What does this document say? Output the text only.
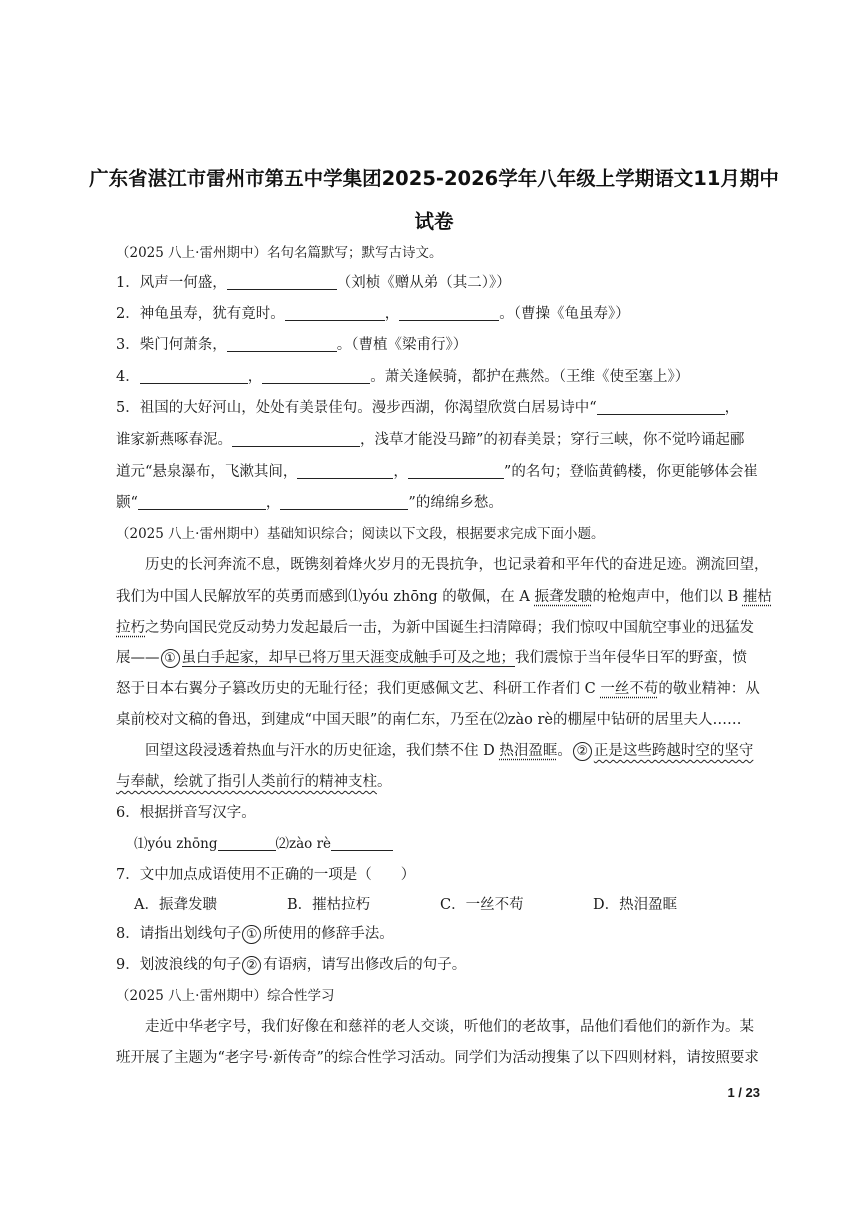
广东省湛江市雷州市第五中学集团2025-2026学年八年级上学期语文11月期中
试卷
（2025 八上·雷州期中）名句名篇默写；默写古诗文。
1．风声一何盛，	（刘桢《赠从弟（其二）》）
2．神龟虽寿，犹有竟时。	，	。（曹操《龟虽寿》）
3．柴门何萧条，	。（曹植《梁甫行》）
4．	，	。萧关逢候骑，都护在燕然。（王维《使至塞上》）
5．祖国的大好河山，处处有美景佳句。漫步西湖，你渴望欣赏白居易诗中“	，
谁家新燕啄春泥。	，浅草才能没马蹄”的初春美景；穿行三峡，你不觉吟诵起郦
道元“悬泉瀑布，飞漱其间，	，	”的名句；登临黄鹤楼，你更能够体会崔
颢“	，	”的绵绵乡愁。
（2025 八上·雷州期中）基础知识综合；阅读以下文段，根据要求完成下面小题。
历史的长河奔流不息，既镌刻着烽火岁月的无畏抗争，也记录着和平年代的奋进足迹。溯流回望，
我们为中国人民解放军的英勇而感到⑴yóu zhōng 的敬佩，在 A 振聋发聩的枪炮声中，他们以 B 摧枯
拉朽之势向国民党反动势力发起最后一击，为新中国诞生扫清障碍；我们惊叹中国航空事业的迅猛发
展—— ① 虽白手起家，却早已将万里天涯变成触手可及之地；我们震惊于当年侵华日军的野蛮，愤
怒于日本右翼分子篡改历史的无耻行径；我们更感佩文艺、科研工作者们 C 一丝不苟的敬业精神：从
桌前校对文稿的鲁迅，到建成“中国天眼”的南仁东，乃至在⑵zào rè的棚屋中钻研的居里夫人……
回望这段浸透着热血与汗水的历史征途，我们禁不住 D 热泪盈眶。 ② 正是这些跨越时空的坚守
与奉献，绘就了指引人类前行的精神支柱。
6．根据拼音写汉字。
⑴yóu zhōng	⑵zào rè
7．文中加点成语使用不正确的一项是（　　）
A．振聋发聩	B．摧枯拉朽	C．一丝不苟	D．热泪盈眶
8．请指出划线句子 ① 所使用的修辞手法。
9．划波浪线的句子 ② 有语病，请写出修改后的句子。
（2025 八上·雷州期中）综合性学习
走近中华老字号，我们好像在和慈祥的老人交谈，听他们的老故事，品他们看他们的新作为。某
班开展了主题为“老字号·新传奇”的综合性学习活动。同学们为活动搜集了以下四则材料，请按照要求
1 / 23
